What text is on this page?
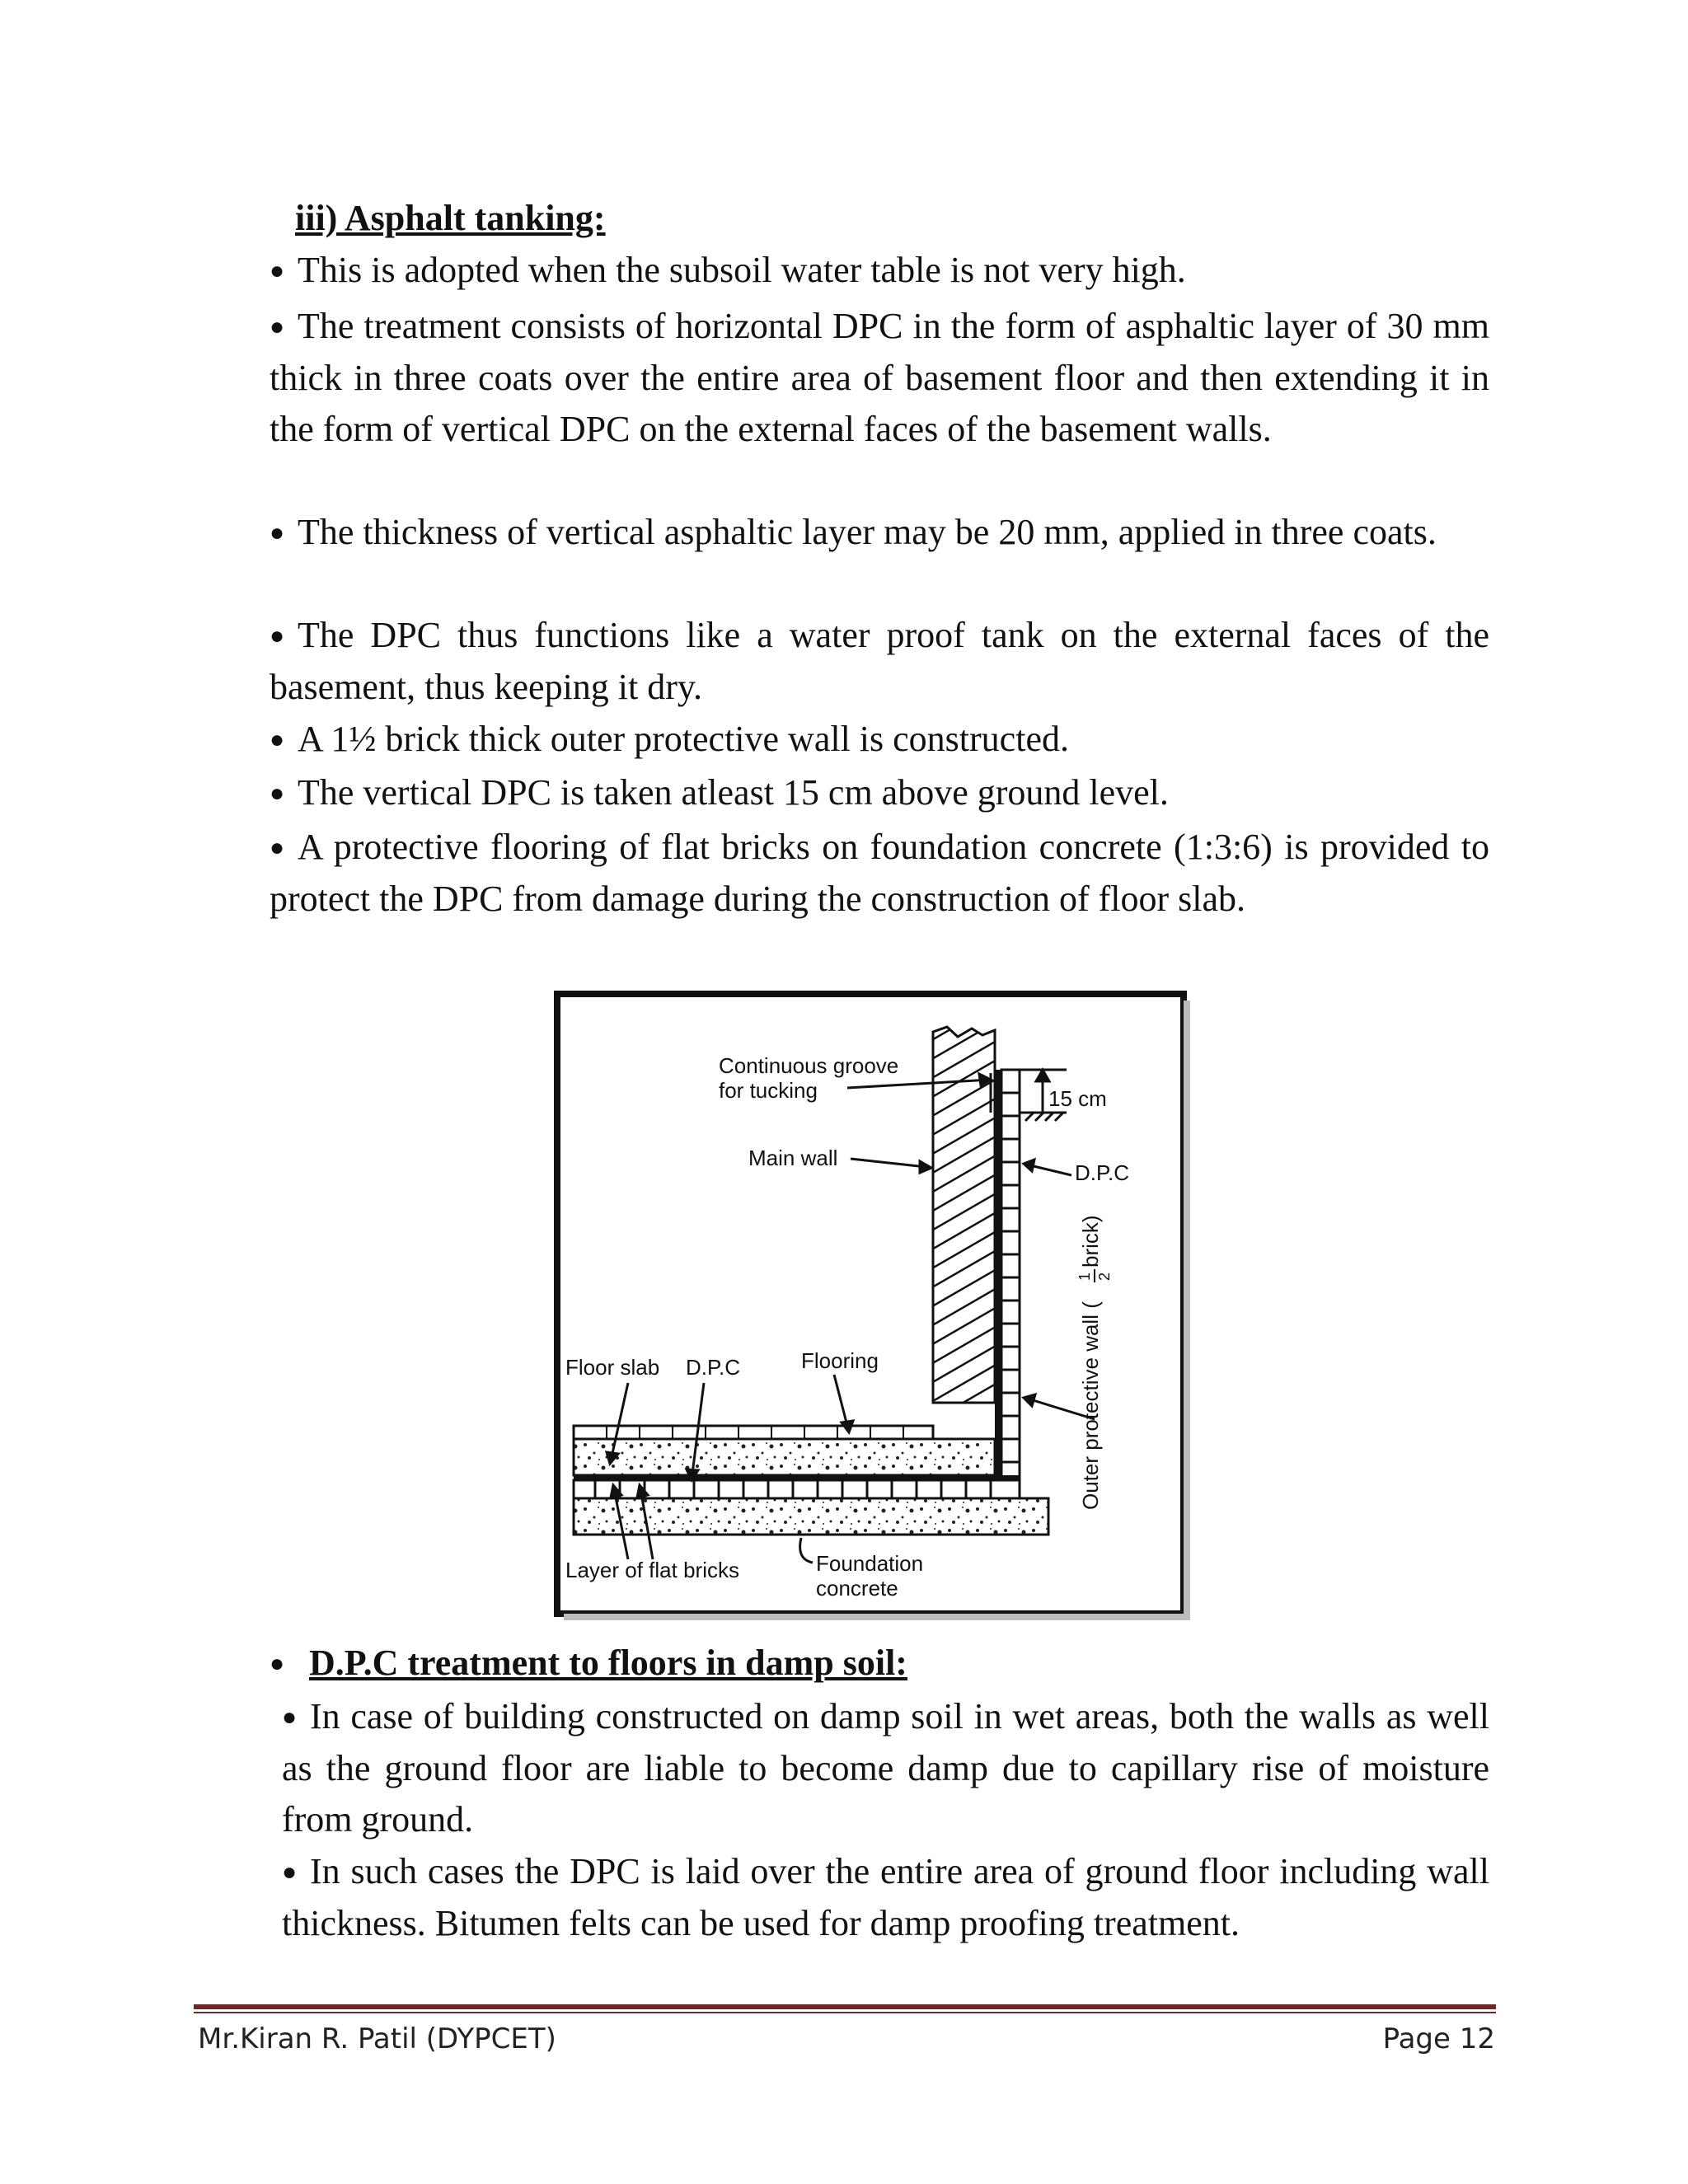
iii) Asphalt tanking:
● This is adopted when the subsoil water table is not very high.
● The treatment consists of horizontal DPC in the form of asphaltic layer of 30 mm thick in three coats over the entire area of basement floor and then extending it in the form of vertical DPC on the external faces of the basement walls.
● The thickness of vertical asphaltic layer may be 20 mm, applied in three coats.
● The DPC thus functions like a water proof tank on the external faces of the basement, thus keeping it dry.
● A 1½ brick thick outer protective wall is constructed.
● The vertical DPC is taken atleast 15 cm above ground level.
● A protective flooring of flat bricks on foundation concrete (1:3:6) is provided to protect the DPC from damage during the construction of floor slab.
15 cm
Continuous groove
for tucking
Main wall
D.P.C
Floor slab D.P.C	Flooring
Layer of flat bricks	Foundation
concrete
Outer protective wall (
1 2
brick)
● D.P.C treatment to floors in damp soil:
● In case of building constructed on damp soil in wet areas, both the walls as well as the ground floor are liable to become damp due to capillary rise of moisture from ground.
● In such cases the DPC is laid over the entire area of ground floor including wall thickness. Bitumen felts can be used for damp proofing treatment.
Mr.Kiran R. Patil (DYPCET)	Page 12
